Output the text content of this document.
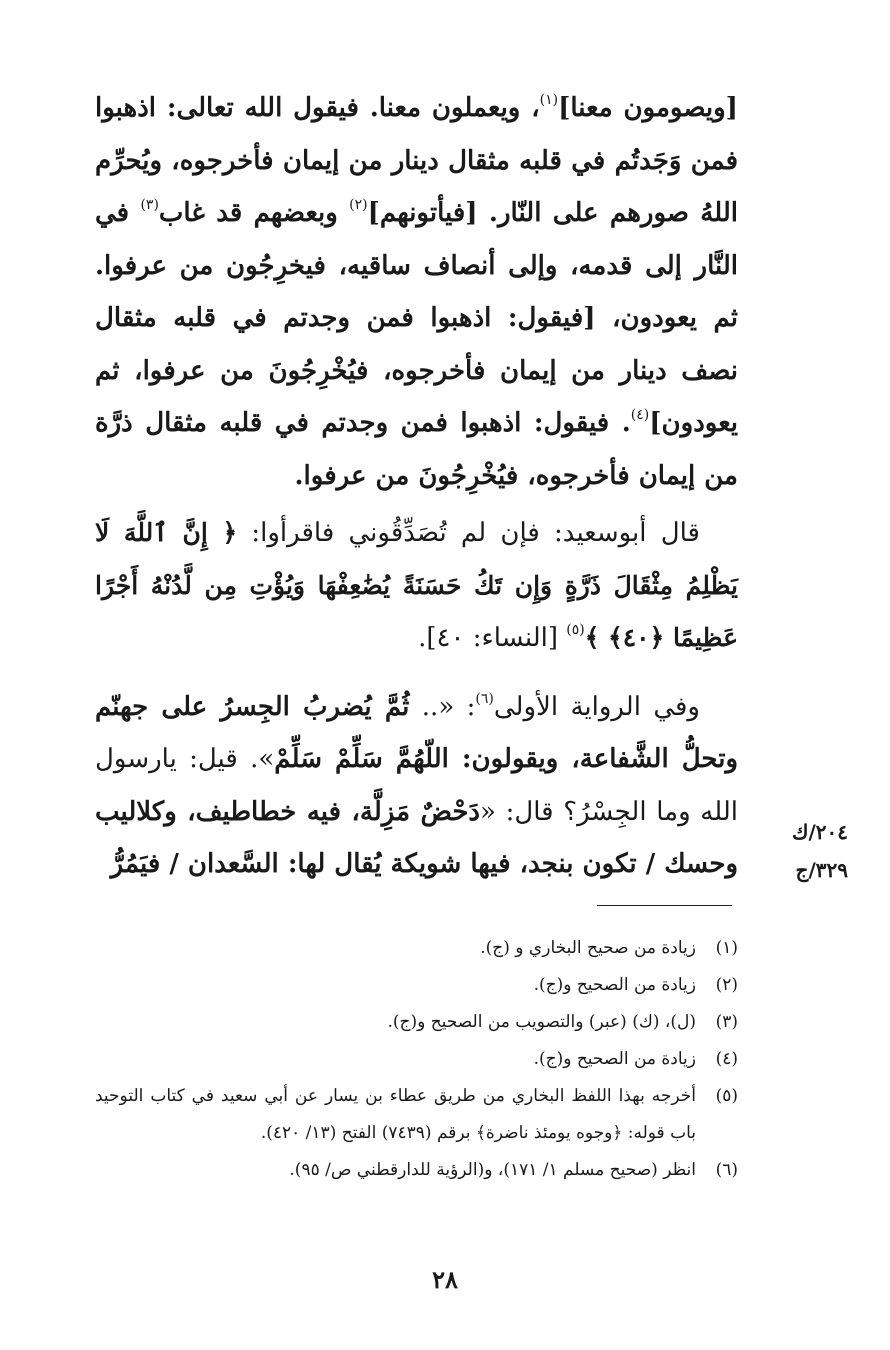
[ويصومون معنا]$^{(١)}$، ويعملون معنا. فيقول الله تعالى: اذهبوا فمن وَجَدتُم في قلبه مثقال دينار من إيمان فأخرجوه، ويُحرِّم اللهُ صورهم على النّار. [فيأتونهم]$^{(٢)}$ وبعضهم قد غاب$^{(٣)}$ في النَّار إلى قدمه، وإلى أنصاف ساقيه، فيخرِجُون من عرفوا. ثم يعودون، [فيقول: اذهبوا فمن وجدتم في قلبه مثقال نصف دينار من إيمان فأخرجوه، فيُخْرِجُونَ من عرفوا، ثم يعودون]$^{(٤)}$. فيقول: اذهبوا فمن وجدتم في قلبه مثقال ذرَّة من إيمان فأخرجوه، فيُخْرِجُونَ من عرفوا.

قال أبوسعيد: فإن لم تُصَدِّقُوني فاقرأوا: ﴿ إِنَّ ٱللَّهَ لَا يَظْلِمُ مِثْقَالَ ذَرَّةٍ وَإِن تَكُ حَسَنَةً يُضَٰعِفْهَا وَيُؤْتِ مِن لَّدُنْهُ أَجْرًا عَظِيمًا ﴿٤٠﴾ ﴾$^{(٥)}$ [النساء: ٤٠].

وفي الرواية الأولى$^{(٦)}$: «.. ثُمَّ يُضربُ الجِسرُ على جهنّم وتحلُّ الشَّفاعة، ويقولون: اللّهُمَّ سَلِّمْ سَلِّمْ». قيل: يارسول الله وما الجِسْرُ؟ قال: «دَحْضٌ مَزِلَّة، فيه خطاطيف، وكلاليب وحسك / تكون بنجد، فيها شويكة يُقال لها: السَّعدان / فيَمُرُّ

٢٠٤/ك
٣٢٩/ج
(١)
زيادة من صحيح البخاري و (ج).
(٢)
زيادة من الصحيح و(ج).
(٣)
(ل)، (ك) (عبر) والتصويب من الصحيح و(ج).
(٤)
زيادة من الصحيح و(ج).
(٥)
أخرجه بهذا اللفظ البخاري من طريق عطاء بن يسار عن أبي سعيد في كتاب التوحيد باب قوله: ﴿وجوه يومئذ ناضرة﴾ برقم (٧٤٣٩) الفتح (١٣/ ٤٢٠).
(٦)
انظر (صحيح مسلم ١/ ١٧١)، و(الرؤية للدارقطني ص/ ٩٥).
٢٨
